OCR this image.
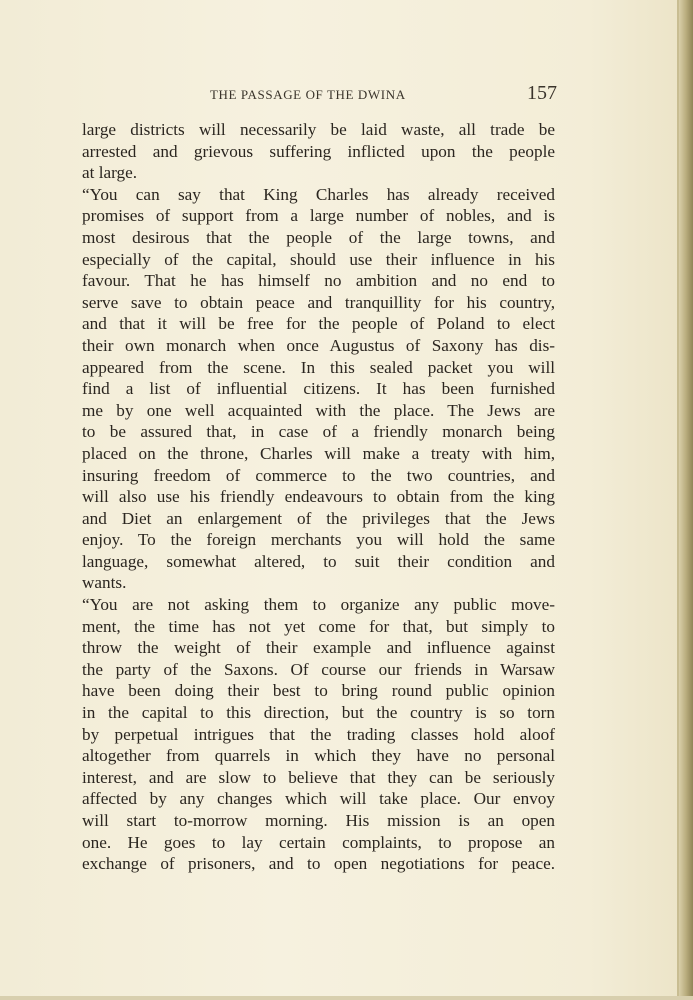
THE PASSAGE OF THE DWINA	157
large districts will necessarily be laid waste, all trade be
arrested and grievous suffering inflicted upon the people
at large.
“You can say that King Charles has already received
promises of support from a large number of nobles, and is
most desirous that the people of the large towns, and
especially of the capital, should use their influence in his
favour. That he has himself no ambition and no end to
serve save to obtain peace and tranquillity for his country,
and that it will be free for the people of Poland to elect
their own monarch when once Augustus of Saxony has dis-
appeared from the scene. In this sealed packet you will
find a list of influential citizens. It has been furnished
me by one well acquainted with the place. The Jews are
to be assured that, in case of a friendly monarch being
placed on the throne, Charles will make a treaty with him,
insuring freedom of commerce to the two countries, and
will also use his friendly endeavours to obtain from the king
and Diet an enlargement of the privileges that the Jews
enjoy. To the foreign merchants you will hold the same
language, somewhat altered, to suit their condition and
wants.
“You are not asking them to organize any public move-
ment, the time has not yet come for that, but simply to
throw the weight of their example and influence against
the party of the Saxons. Of course our friends in Warsaw
have been doing their best to bring round public opinion
in the capital to this direction, but the country is so torn
by perpetual intrigues that the trading classes hold aloof
altogether from quarrels in which they have no personal
interest, and are slow to believe that they can be seriously
affected by any changes which will take place. Our envoy
will start to-morrow morning. His mission is an open
one. He goes to lay certain complaints, to propose an
exchange of prisoners, and to open negotiations for peace.
